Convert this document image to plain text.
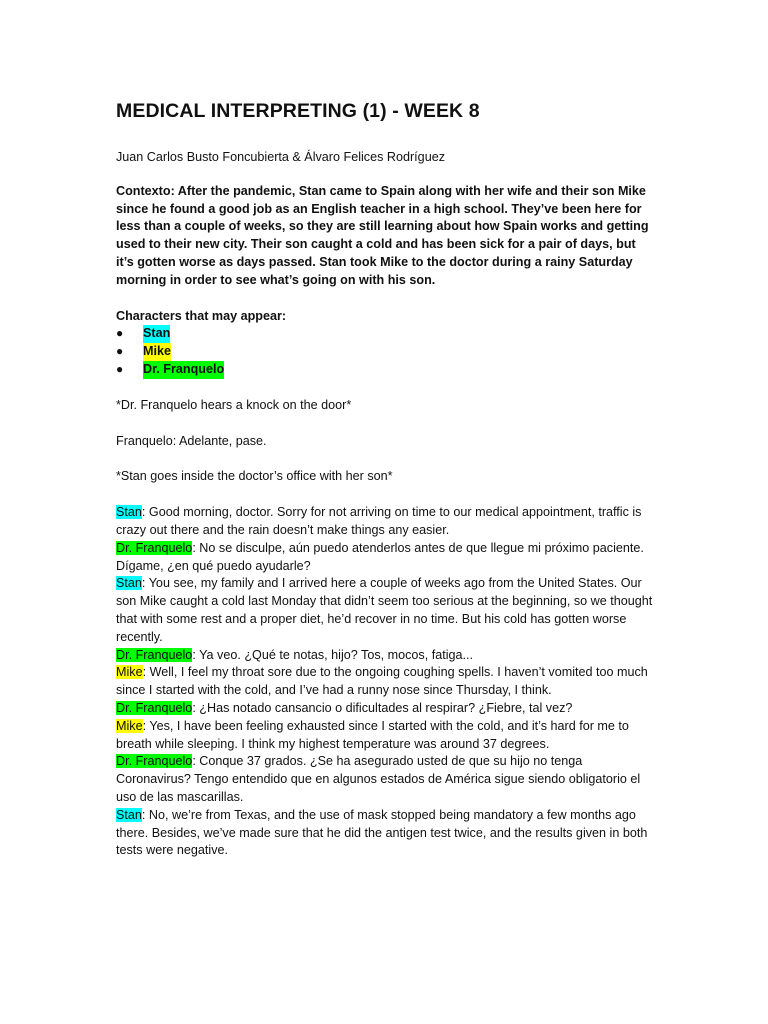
MEDICAL INTERPRETING (1) - WEEK 8

Juan Carlos Busto Foncubierta & Álvaro Felices Rodríguez

Contexto: After the pandemic, Stan came to Spain along with her wife and their son Mike since he found a good job as an English teacher in a high school. They’ve been here for less than a couple of weeks, so they are still learning about how Spain works and getting used to their new city. Their son caught a cold and has been sick for a pair of days, but it’s gotten worse as days passed. Stan took Mike to the doctor during a rainy Saturday morning in order to see what’s going on with his son.

Characters that may appear:

●	Stan
●	Mike
●	Dr. Franquelo

*Dr. Franquelo hears a knock on the door*

Franquelo: Adelante, pase.

*Stan goes inside the doctor’s office with her son*

Stan: Good morning, doctor. Sorry for not arriving on time to our medical appointment, traffic is crazy out there and the rain doesn’t make things any easier.

Dr. Franquelo: No se disculpe, aún puedo atenderlos antes de que llegue mi próximo paciente. Dígame, ¿en qué puedo ayudarle?

Stan: You see, my family and I arrived here a couple of weeks ago from the United States. Our son Mike caught a cold last Monday that didn’t seem too serious at the beginning, so we thought that with some rest and a proper diet, he’d recover in no time. But his cold has gotten worse recently.

Dr. Franquelo: Ya veo. ¿Qué te notas, hijo? Tos, mocos, fatiga...

Mike: Well, I feel my throat sore due to the ongoing coughing spells. I haven’t vomited too much since I started with the cold, and I’ve had a runny nose since Thursday, I think.

Dr. Franquelo: ¿Has notado cansancio o dificultades al respirar? ¿Fiebre, tal vez?

Mike: Yes, I have been feeling exhausted since I started with the cold, and it’s hard for me to breath while sleeping. I think my highest temperature was around 37 degrees.

Dr. Franquelo: Conque 37 grados. ¿Se ha asegurado usted de que su hijo no tenga Coronavirus? Tengo entendido que en algunos estados de América sigue siendo obligatorio el uso de las mascarillas.

Stan: No, we’re from Texas, and the use of mask stopped being mandatory a few months ago there. Besides, we’ve made sure that he did the antigen test twice, and the results given in both tests were negative.
